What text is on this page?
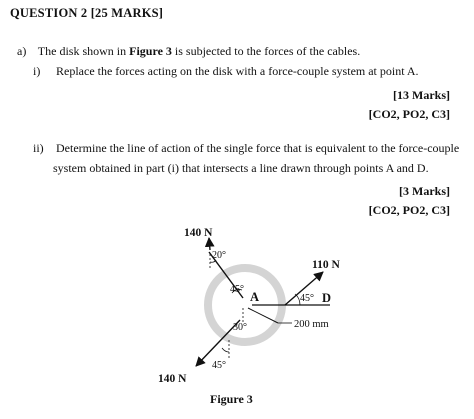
QUESTION 2 [25 MARKS]
a) The disk shown in Figure 3 is subjected to the forces of the cables.
i) Replace the forces acting on the disk with a force-couple system at point A.
[13 Marks]
[CO2, PO2, C3]
ii) Determine the line of action of the single force that is equivalent to the force-couple
system obtained in part (i) that intersects a line drawn through points A and D.
[3 Marks]
[CO2, PO2, C3]
140 N
20°
110 N
45°
A	45° D
30°	200 mm
45°
140 N
Figure 3
